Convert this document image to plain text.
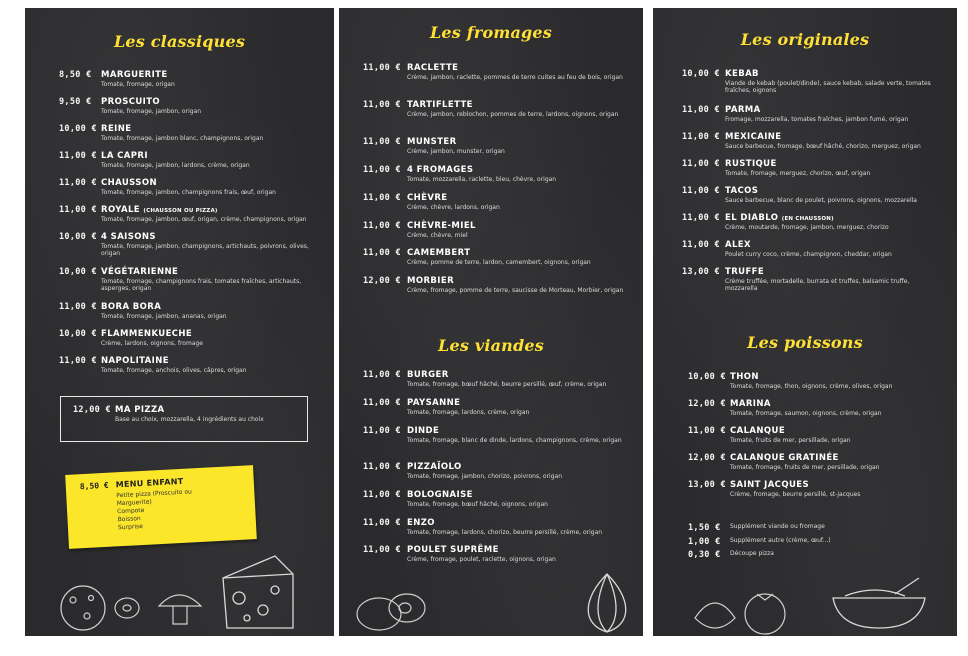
Les classiques
8,50 €	MARGUERITE
Tomate, fromage, origan
9,50 €	PROSCUITO
Tomate, fromage, jambon, origan
10,00 € REINE
Tomate, fromage, jambon blanc, champignons, origan
11,00 € LA CAPRI
Tomate, fromage, jambon, lardons, crème, origan
11,00 € CHAUSSON
Tomate, fromage, jambon, champignons frais, œuf, origan
11,00 € ROYALE (CHAUSSON OU PIZZA)
Tomate, fromage, jambon, œuf, origan, crème, champignons, origan
10,00 € 4 SAISONS
Tomate, fromage, jambon, champignons, artichauts, poivrons, olives, origan
10,00 € VÉGÉTARIENNE
Tomate, fromage, champignons frais, tomates fraîches, artichauts, asperges, origan
11,00 € BORA BORA
Tomate, fromage, jambon, ananas, origan
10,00 € FLAMMENKUECHE
Crème, lardons, oignons, fromage
11,00 € NAPOLITAINE
Tomate, fromage, anchois, olives, câpres, origan
12,00 € MA PIZZA
Base au choix, mozzarella, 4 ingrédients au choix
8,50 € MENU ENFANT
Petite pizza (Proscuito ou
Marguerite)
Compote
Boisson
Surprise
Les fromages
11,00 € RACLETTE
Crème, jambon, raclette, pommes de terre cuites au feu de bois, origan
11,00 € TARTIFLETTE
Crème, jambon, reblochon, pommes de terre, lardons, oignons, origan
11,00 € MUNSTER
Crème, jambon, munster, origan
11,00 € 4 FROMAGES
Tomate, mozzarella, raclette, bleu, chèvre, origan
11,00 € CHÈVRE
Crème, chèvre, lardons, origan
11,00 € CHÈVRE-MIEL
Crème, chèvre, miel
11,00 € CAMEMBERT
Crème, pomme de terre, lardon, camembert, oignons, origan
12,00 € MORBIER
Crème, fromage, pomme de terre, saucisse de Morteau, Morbier, origan
Les viandes
11,00 € BURGER
Tomate, fromage, bœuf hâché, beurre persillé, œuf, crème, origan
11,00 € PAYSANNE
Tomate, fromage, lardons, crème, origan
11,00 € DINDE
Tomate, fromage, blanc de dinde, lardons, champignons, crème, origan
11,00 € PIZZAÏOLO
Tomate, fromage, jambon, chorizo, poivrons, origan
11,00 € BOLOGNAISE
Tomate, fromage, bœuf hâché, oignons, origan
11,00 € ENZO
Tomate, fromage, lardons, chorizo, beurre persillé, crème, origan
11,00 € POULET SUPRÊME
Crème, fromage, poulet, raclette, oignons, origan
Les originales
10,00 € KEBAB
Viande de kebab (poulet/dinde), sauce kebab, salade verte, tomates fraîches, oignons
11,00 € PARMA
Fromage, mozzarella, tomates fraîches, jambon fumé, origan
11,00 € MEXICAINE
Sauce barbecue, fromage, bœuf hâché, chorizo, merguez, origan
11,00 € RUSTIQUE
Tomate, fromage, merguez, chorizo, œuf, origan
11,00 € TACOS
Sauce barbecue, blanc de poulet, poivrons, oignons, mozzarella
11,00 € EL DIABLO (EN CHAUSSON)
Crème, moutarde, fromage, jambon, merguez, chorizo
11,00 € ALEX
Poulet curry coco, crème, champignon, cheddar, origan
13,00 € TRUFFE
Crème truffée, mortadelle, burrata et truffes, balsamic truffe, mozzarella
Les poissons
10,00 € THON
Tomate, fromage, thon, oignons, crème, olives, origan
12,00 € MARINA
Tomate, fromage, saumon, oignons, crème, origan
11,00 € CALANQUE
Tomate, fruits de mer, persillade, origan
12,00 € CALANQUE GRATINÉE
Tomate, fromage, fruits de mer, persillade, origan
13,00 € SAINT JACQUES
Crème, fromage, beurre persillé, st-jacques
1,50 €	Supplément viande ou fromage
1,00 €	Supplément autre (crème, œuf...)
0,30 €	Découpe pizza
